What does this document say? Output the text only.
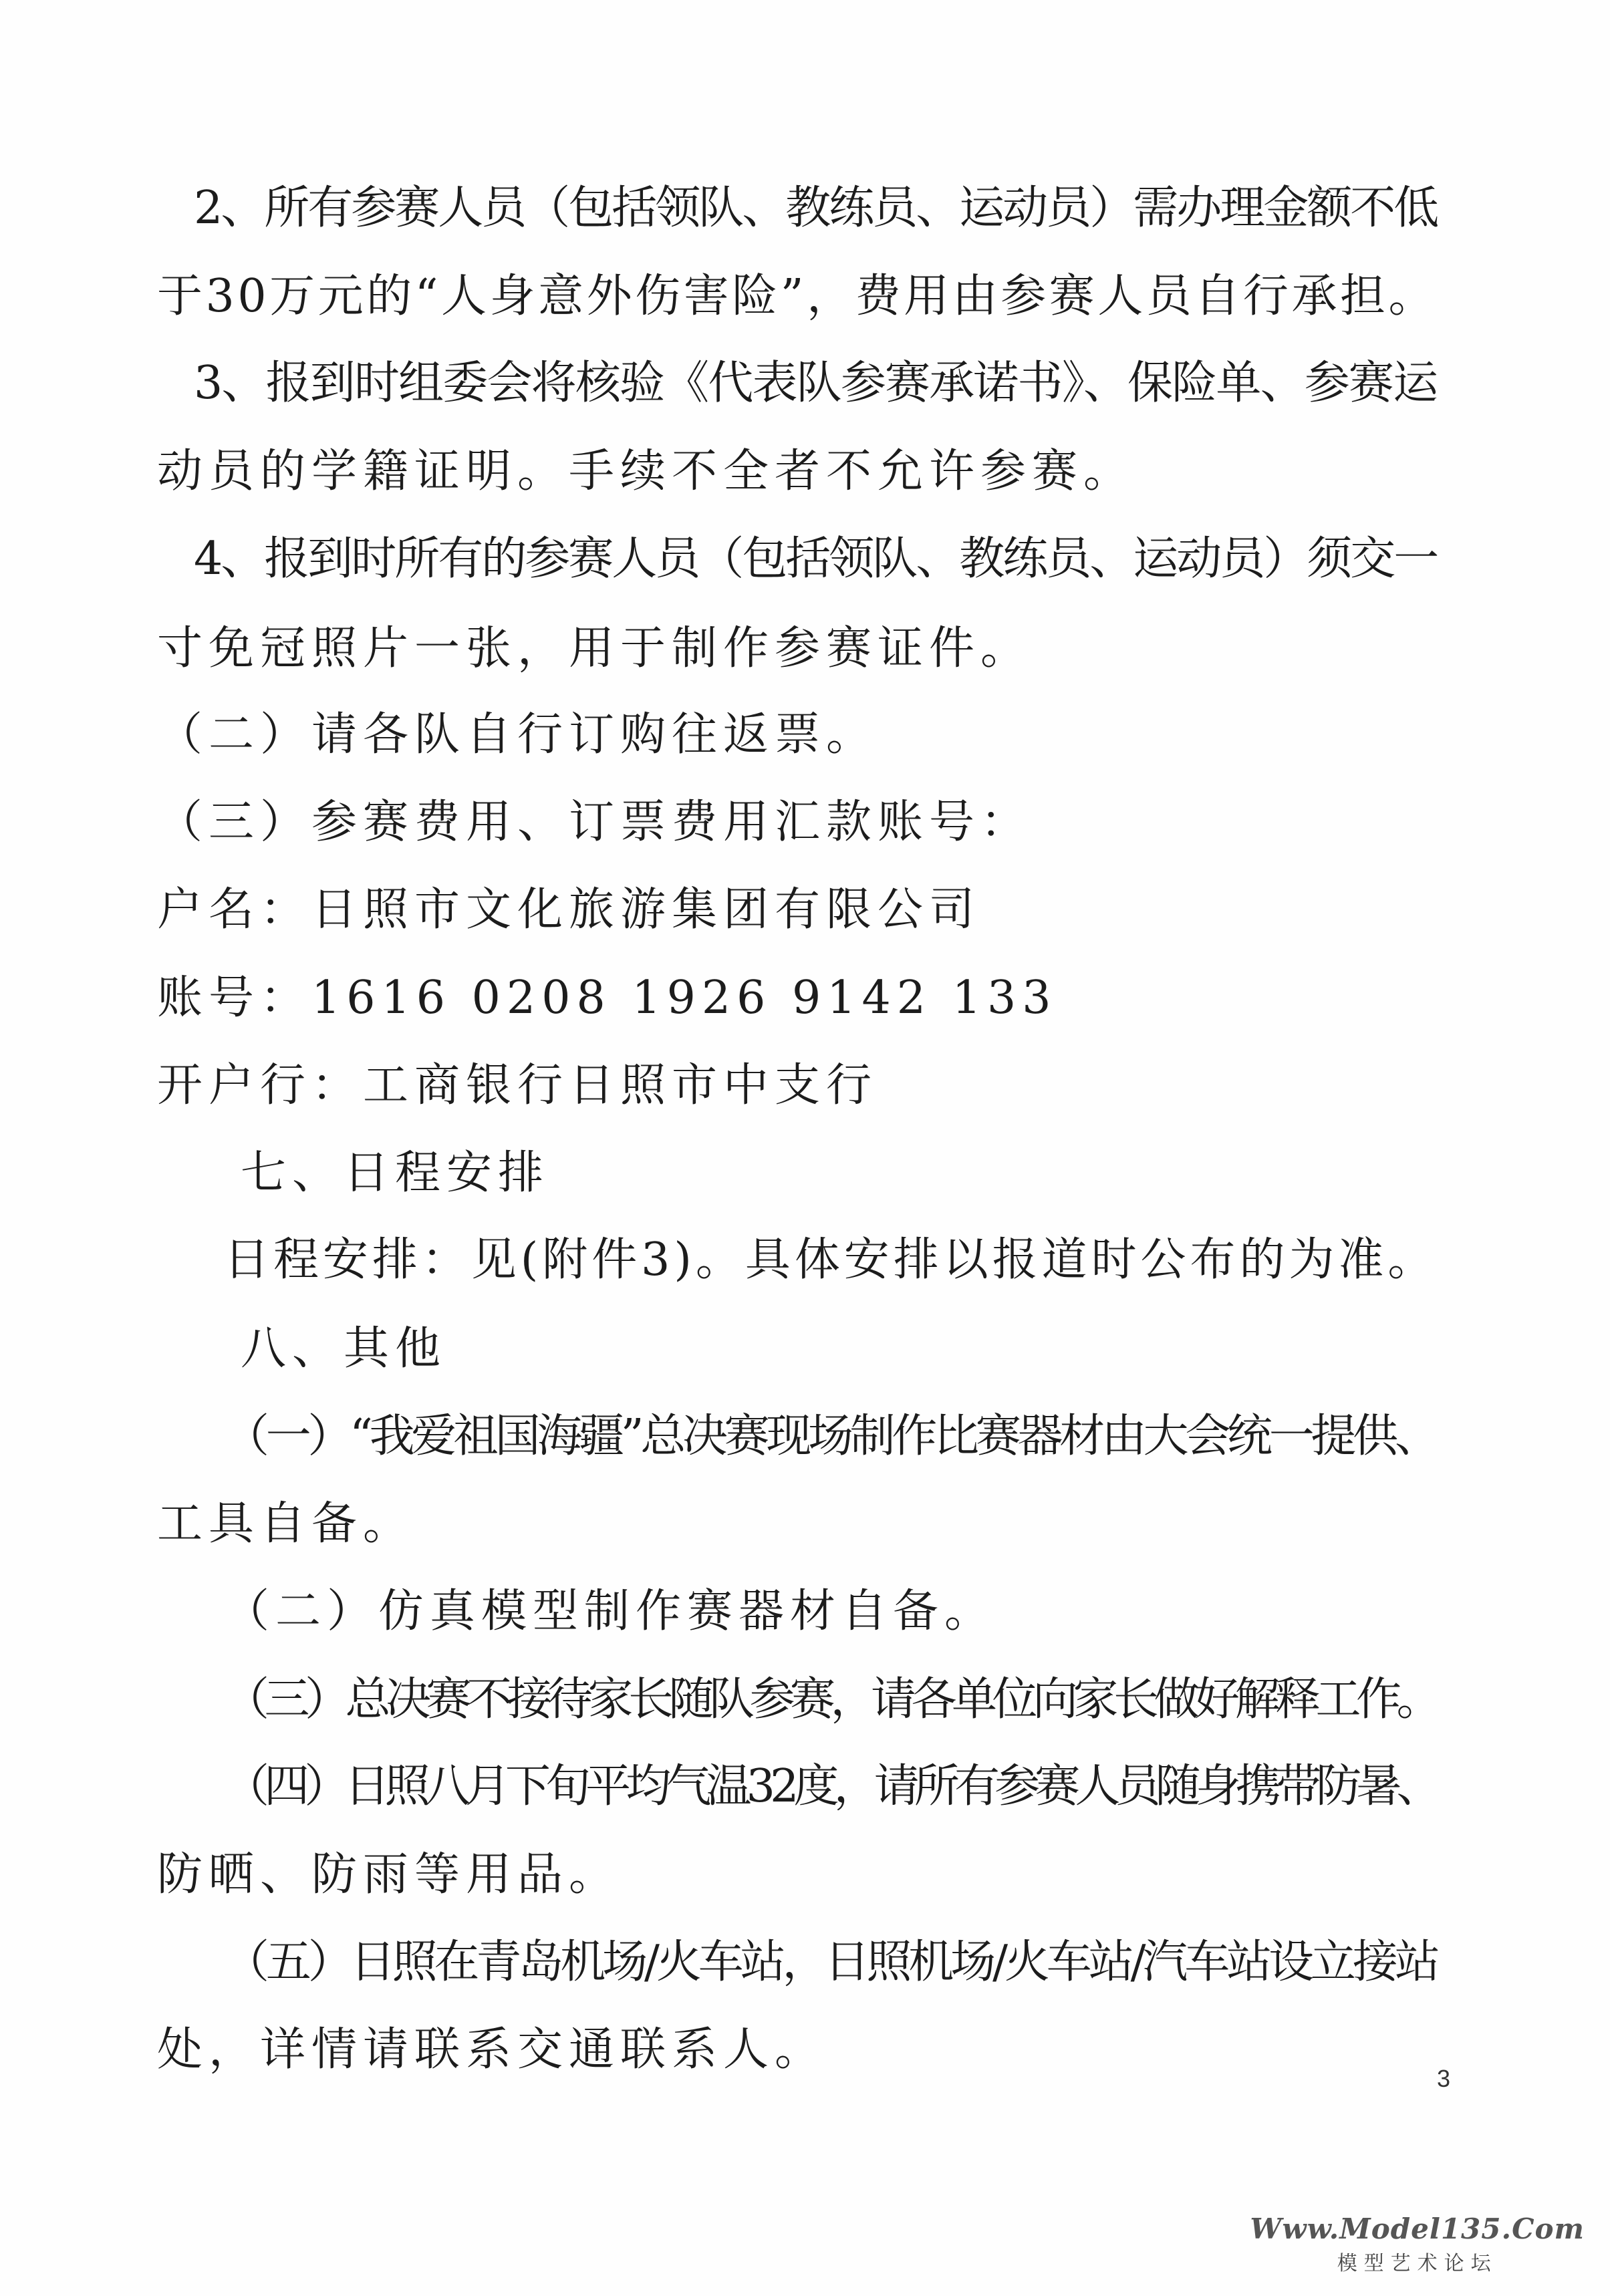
2、所有参赛人员（包括领队、教练员、运动员）需办理金额不低
于30万元的“人身意外伤害险”，费用由参赛人员自行承担。
3、报到时组委会将核验《代表队参赛承诺书》、保险单、参赛运
动员的学籍证明。手续不全者不允许参赛。
4、报到时所有的参赛人员（包括领队、教练员、运动员）须交一
寸免冠照片一张，用于制作参赛证件。
（二）请各队自行订购往返票。
（三）参赛费用、订票费用汇款账号：
户名：日照市文化旅游集团有限公司
账号：1616 0208 1926 9142 133
开户行：工商银行日照市中支行
七、日程安排
日程安排：见(附件3)。具体安排以报道时公布的为准。
八、其他
（一）“我爱祖国海疆”总决赛现场制作比赛器材由大会统一提供、
工具自备。
（二）仿真模型制作赛器材自备。
（三）总决赛不接待家长随队参赛，请各单位向家长做好解释工作。
（四）日照八月下旬平均气温32度，请所有参赛人员随身携带防暑、
防晒、防雨等用品。
（五）日照在青岛机场/火车站，日照机场/火车站/汽车站设立接站
处，详情请联系交通联系人。
3
Www.Model135.Com
模型艺术论坛
